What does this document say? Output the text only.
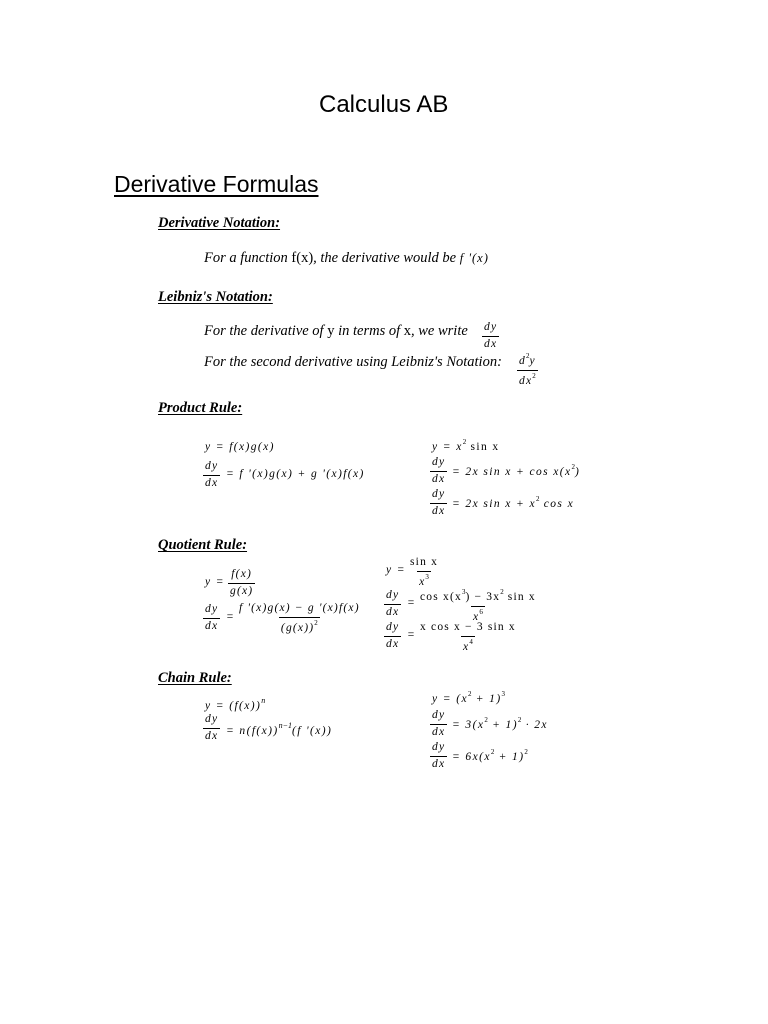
Calculus AB
Derivative Formulas
Derivative Notation:
For a function f(x), the derivative would be f '(x)
Leibniz's Notation:
For the derivative of y in terms of x, we write $\frac{dy}{dx}$
For the second derivative using Leibniz's Notation: $\frac{d^2y}{dx^2}$
Product Rule:
y = f(x)g(x)
$\frac{dy}{dx} = f$ '(x)g(x) + g '(x)f(x)
$y = x^2$ sin x
$\frac{dy}{dx} = 2x$ $\sin x + \cos x(x^2)$
$\frac{dy}{dx} = 2x$ $\sin x + x^2$ cos x
Quotient Rule:
$y = \frac{f(x)}{g(x)}$
$\frac{dy}{dx} = \frac{f '(x)g(x) - g '(x)f(x)}{(g(x))^2}$
$y = \frac{\text{sin x}}{x^3}$
$\frac{dy}{dx} = \frac{\cos x(x^3) - 3x^2 \sin x}{x^6}$
$\frac{dy}{dx} = \frac{\text{x cos x − 3 sin x}}{x^4}$
Chain Rule:
$y = (f(x))^n$
$\frac{dy}{dx} = n(f(x))^{n-1}(f$ '(x))
$y = (x^2 + 1)^3$
$\frac{dy}{dx} = 3(x^2 + 1)^2 \cdot 2x$
$\frac{dy}{dx} = 6x(x^2 + 1)^2$
